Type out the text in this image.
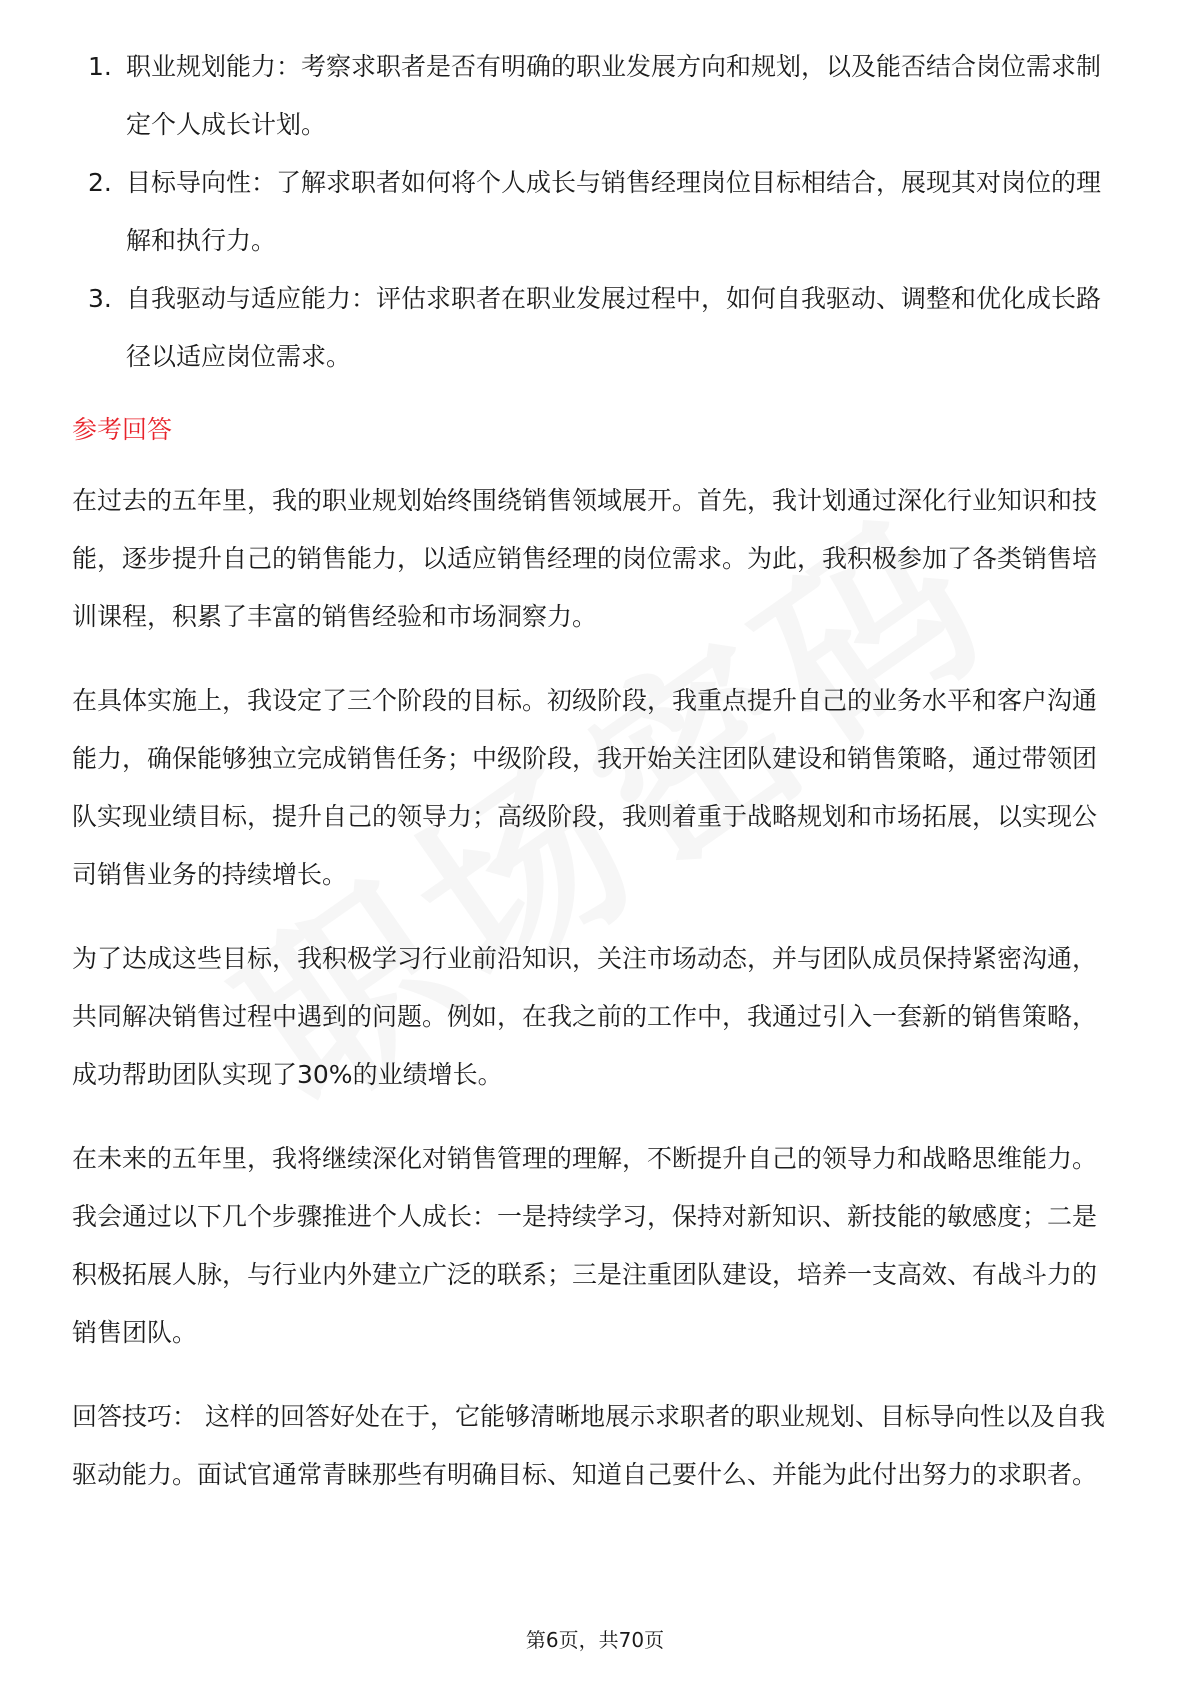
1. 职业规划能力：考察求职者是否有明确的职业发展方向和规划，以及能否结合岗位需求制定个人成长计划。
2. 目标导向性：了解求职者如何将个人成长与销售经理岗位目标相结合，展现其对岗位的理解和执行力。
3. 自我驱动与适应能力：评估求职者在职业发展过程中，如何自我驱动、调整和优化成长路径以适应岗位需求。
参考回答

在过去的五年里，我的职业规划始终围绕销售领域展开。首先，我计划通过深化行业知识和技能，逐步提升自己的销售能力，以适应销售经理的岗位需求。为此，我积极参加了各类销售培训课程，积累了丰富的销售经验和市场洞察力。

在具体实施上，我设定了三个阶段的目标。初级阶段，我重点提升自己的业务水平和客户沟通能力，确保能够独立完成销售任务；中级阶段，我开始关注团队建设和销售策略，通过带领团队实现业绩目标，提升自己的领导力；高级阶段，我则着重于战略规划和市场拓展，以实现公司销售业务的持续增长。

为了达成这些目标，我积极学习行业前沿知识，关注市场动态，并与团队成员保持紧密沟通，共同解决销售过程中遇到的问题。例如，在我之前的工作中，我通过引入一套新的销售策略，成功帮助团队实现了30%的业绩增长。

在未来的五年里，我将继续深化对销售管理的理解，不断提升自己的领导力和战略思维能力。我会通过以下几个步骤推进个人成长：一是持续学习，保持对新知识、新技能的敏感度；二是积极拓展人脉，与行业内外建立广泛的联系；三是注重团队建设，培养一支高效、有战斗力的销售团队。

回答技巧： 这样的回答好处在于，它能够清晰地展示求职者的职业规划、目标导向性以及自我驱动能力。面试官通常青睐那些有明确目标、知道自己要什么、并能为此付出努力的求职者。

第6页，共70页
